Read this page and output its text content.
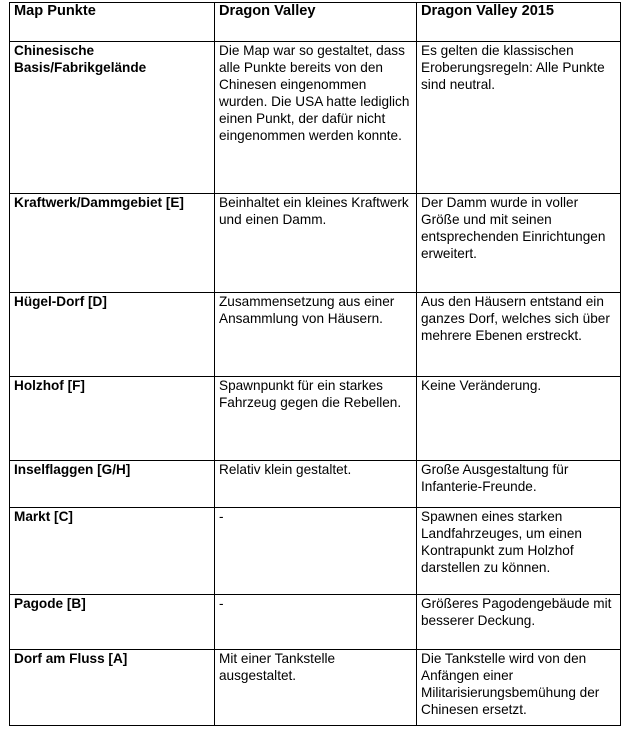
Map Punkte	Dragon Valley	Dragon Valley 2015
Chinesische Basis/Fabrikgelände	Die Map war so gestaltet, dass alle Punkte bereits von den Chinesen eingenommen wurden. Die USA hatte lediglich einen Punkt, der dafür nicht eingenommen werden konnte.	Es gelten die klassischen Eroberungsregeln: Alle Punkte sind neutral.
Kraftwerk/Dammgebiet [E]	Beinhaltet ein kleines Kraftwerk und einen Damm.	Der Damm wurde in voller Größe und mit seinen entsprechenden Einrichtungen erweitert.
Hügel-Dorf [D]	Zusammensetzung aus einer Ansammlung von Häusern.	Aus den Häusern entstand ein ganzes Dorf, welches sich über mehrere Ebenen erstreckt.
Holzhof [F]	Spawnpunkt für ein starkes Fahrzeug gegen die Rebellen.	Keine Veränderung.
Inselflaggen [G/H]	Relativ klein gestaltet.	Große Ausgestaltung für Infanterie-Freunde.
Markt [C]	-	Spawnen eines starken Landfahrzeuges, um einen Kontrapunkt zum Holzhof darstellen zu können.
Pagode [B]	-	Größeres Pagodengebäude mit besserer Deckung.
Dorf am Fluss [A]	Mit einer Tankstelle ausgestaltet.	Die Tankstelle wird von den Anfängen einer Militarisierungsbemühung der Chinesen ersetzt.
